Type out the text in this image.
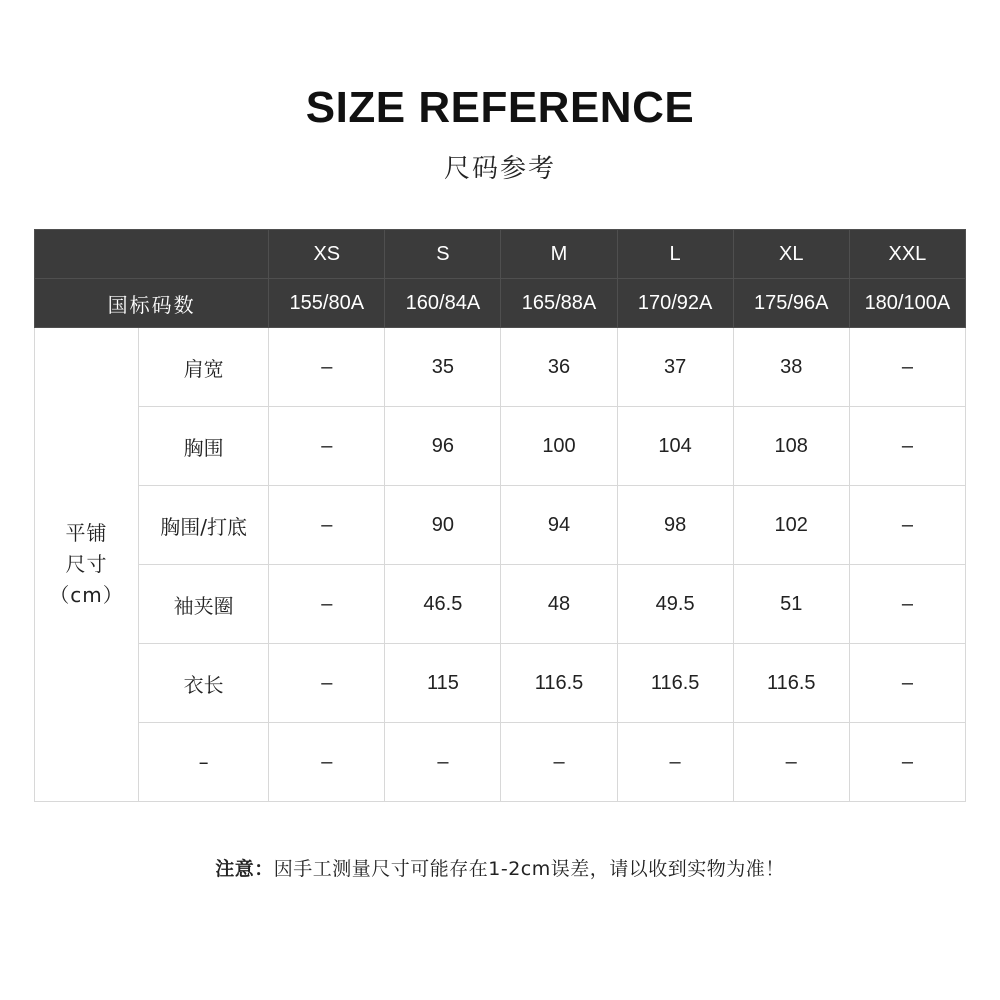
SIZE REFERENCE
尺码参考
		XS	S	M	L	XL	XXL
国标码数		155/80A	160/84A	165/88A	170/92A	175/96A	180/100A

平铺
尺寸
（cm）	肩宽	–	35	36	37	38	–
	胸围	–	96	100	104	108	–
	胸围/打底	–	90	94	98	102	–
	袖夹圈	–	46.5	48	49.5	51	–
	衣长	–	115	116.5	116.5	116.5	–
	–	–	–	–	–	–	–
注意：因手工测量尺寸可能存在1-2cm误差，请以收到实物为准！
